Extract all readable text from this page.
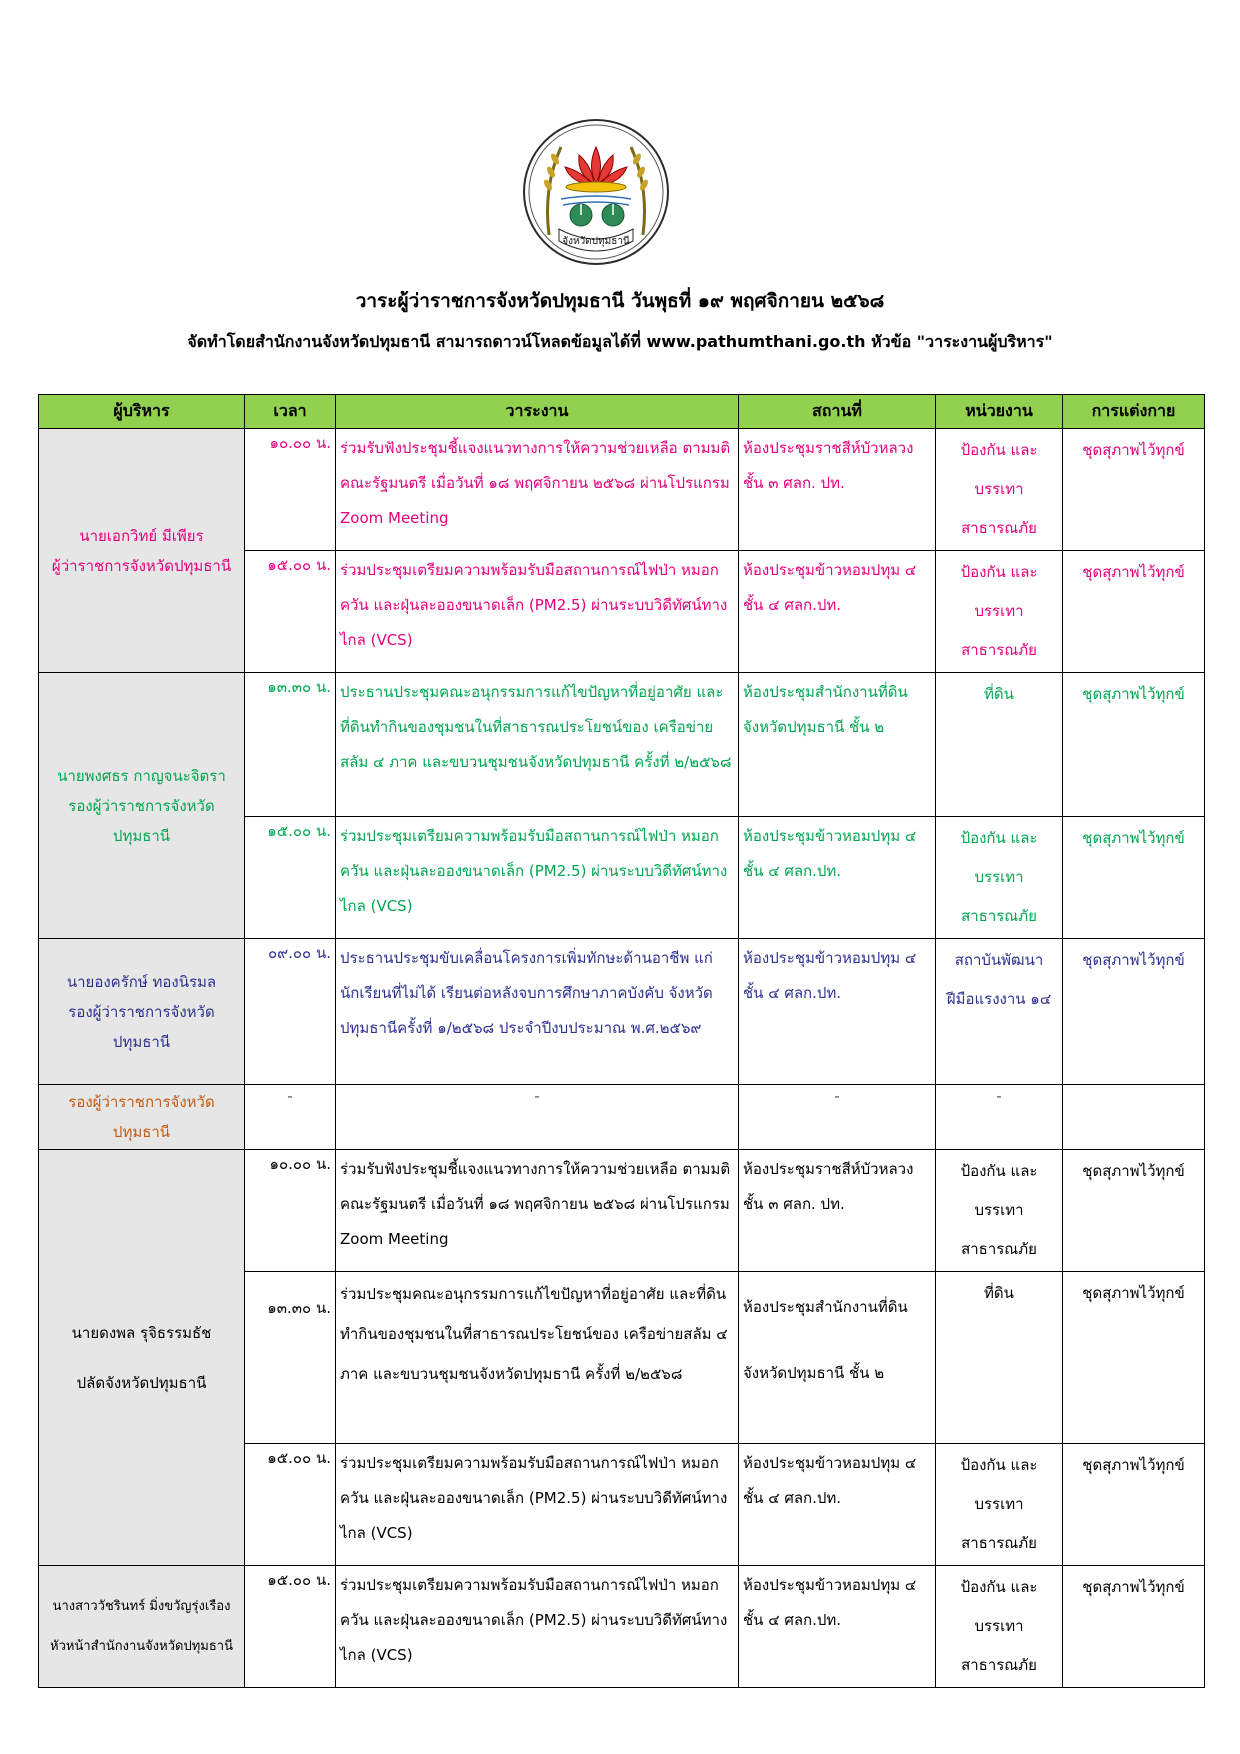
จังหวัดปทุมธานี
วาระผู้ว่าราชการจังหวัดปทุมธานี วันพุธที่ ๑๙ พฤศจิกายน ๒๕๖๘
จัดทำโดยสำนักงานจังหวัดปทุมธานี สามารถดาวน์โหลดข้อมูลได้ที่ www.pathumthani.go.th หัวข้อ "วาระงานผู้บริหาร"
ผู้บริหาร	เวลา	วาระงาน	สถานที่	หน่วยงาน	การแต่งกาย

นายเอกวิทย์ มีเพียร
ผู้ว่าราชการจังหวัดปทุมธานี	๑๐.๐๐ น.	ร่วมรับฟังประชุมชี้แจงแนวทางการให้ความช่วยเหลือ ตามมติคณะรัฐมนตรี เมื่อวันที่ ๑๘ พฤศจิกายน ๒๕๖๘ ผ่านโปรแกรม Zoom Meeting	ห้องประชุมราชสีห์บัวหลวง ชั้น ๓ ศลก. ปท.	ป้องกัน และบรรเทา สาธารณภัย	ชุดสุภาพไว้ทุกข์
	๑๕.๐๐ น.	ร่วมประชุมเตรียมความพร้อมรับมือสถานการณ์ไฟป่า หมอก ควัน และฝุ่นละอองขนาดเล็ก (PM2.5) ผ่านระบบวิดีทัศน์ทางไกล (VCS)	ห้องประชุมข้าวหอมปทุม ๔ ชั้น ๔ ศลก.ปท.	ป้องกัน และบรรเทา สาธารณภัย	ชุดสุภาพไว้ทุกข์

นายพงศธร กาญจนะจิตรา
รองผู้ว่าราชการจังหวัดปทุมธานี	๑๓.๓๐ น.	ประธานประชุมคณะอนุกรรมการแก้ไขปัญหาที่อยู่อาศัย และที่ดินทำกินของชุมชนในที่สาธารณประโยชน์ของ เครือข่ายสลัม ๔ ภาค และขบวนชุมชนจังหวัดปทุมธานี ครั้งที่ ๒/๒๕๖๘	ห้องประชุมสำนักงานที่ดิน จังหวัดปทุมธานี ชั้น ๒	ที่ดิน	ชุดสุภาพไว้ทุกข์
	๑๕.๐๐ น.	ร่วมประชุมเตรียมความพร้อมรับมือสถานการณ์ไฟป่า หมอก ควัน และฝุ่นละอองขนาดเล็ก (PM2.5) ผ่านระบบวิดีทัศน์ทางไกล (VCS)	ห้องประชุมข้าวหอมปทุม ๔ ชั้น ๔ ศลก.ปท.	ป้องกัน และบรรเทา สาธารณภัย	ชุดสุภาพไว้ทุกข์

นายองครักษ์ ทองนิรมล
รองผู้ว่าราชการจังหวัดปทุมธานี	๐๙.๐๐ น.	ประธานประชุมขับเคลื่อนโครงการเพิ่มทักษะด้านอาชีพ แก่นักเรียนที่ไม่ได้ เรียนต่อหลังจบการศึกษาภาคบังคับ จังหวัดปทุมธานีครั้งที่ ๑/๒๕๖๘ ประจำปีงบประมาณ พ.ศ.๒๕๖๙	ห้องประชุมข้าวหอมปทุม ๔ ชั้น ๔ ศลก.ปท.	สถาบันพัฒนา ฝีมือแรงงาน ๑๔	ชุดสุภาพไว้ทุกข์

รองผู้ว่าราชการจังหวัดปทุมธานี	-	-	-	-	

นายดงพล รุจิธรรมธัช
ปลัดจังหวัดปทุมธานี	๑๐.๐๐ น.	ร่วมรับฟังประชุมชี้แจงแนวทางการให้ความช่วยเหลือ ตามมติคณะรัฐมนตรี เมื่อวันที่ ๑๘ พฤศจิกายน ๒๕๖๘ ผ่านโปรแกรม Zoom Meeting	ห้องประชุมราชสีห์บัวหลวง ชั้น ๓ ศลก. ปท.	ป้องกัน และบรรเทา สาธารณภัย	ชุดสุภาพไว้ทุกข์
	๑๓.๓๐ น.	ร่วมประชุมคณะอนุกรรมการแก้ไขปัญหาที่อยู่อาศัย และที่ดินทำกินของชุมชนในที่สาธารณประโยชน์ของ เครือข่ายสลัม ๔ ภาค และขบวนชุมชนจังหวัดปทุมธานี ครั้งที่ ๒/๒๕๖๘	ห้องประชุมสำนักงานที่ดิน จังหวัดปทุมธานี ชั้น ๒	ที่ดิน	ชุดสุภาพไว้ทุกข์
	๑๕.๐๐ น.	ร่วมประชุมเตรียมความพร้อมรับมือสถานการณ์ไฟป่า หมอก ควัน และฝุ่นละอองขนาดเล็ก (PM2.5) ผ่านระบบวิดีทัศน์ทางไกล (VCS)	ห้องประชุมข้าวหอมปทุม ๔ ชั้น ๔ ศลก.ปท.	ป้องกัน และบรรเทา สาธารณภัย	ชุดสุภาพไว้ทุกข์

นางสาววัชรินทร์ มิ่งขวัญรุ่งเรือง
หัวหน้าสำนักงานจังหวัดปทุมธานี	๑๕.๐๐ น.	ร่วมประชุมเตรียมความพร้อมรับมือสถานการณ์ไฟป่า หมอก ควัน และฝุ่นละอองขนาดเล็ก (PM2.5) ผ่านระบบวิดีทัศน์ทางไกล (VCS)	ห้องประชุมข้าวหอมปทุม ๔ ชั้น ๔ ศลก.ปท.	ป้องกัน และบรรเทา สาธารณภัย	ชุดสุภาพไว้ทุกข์
